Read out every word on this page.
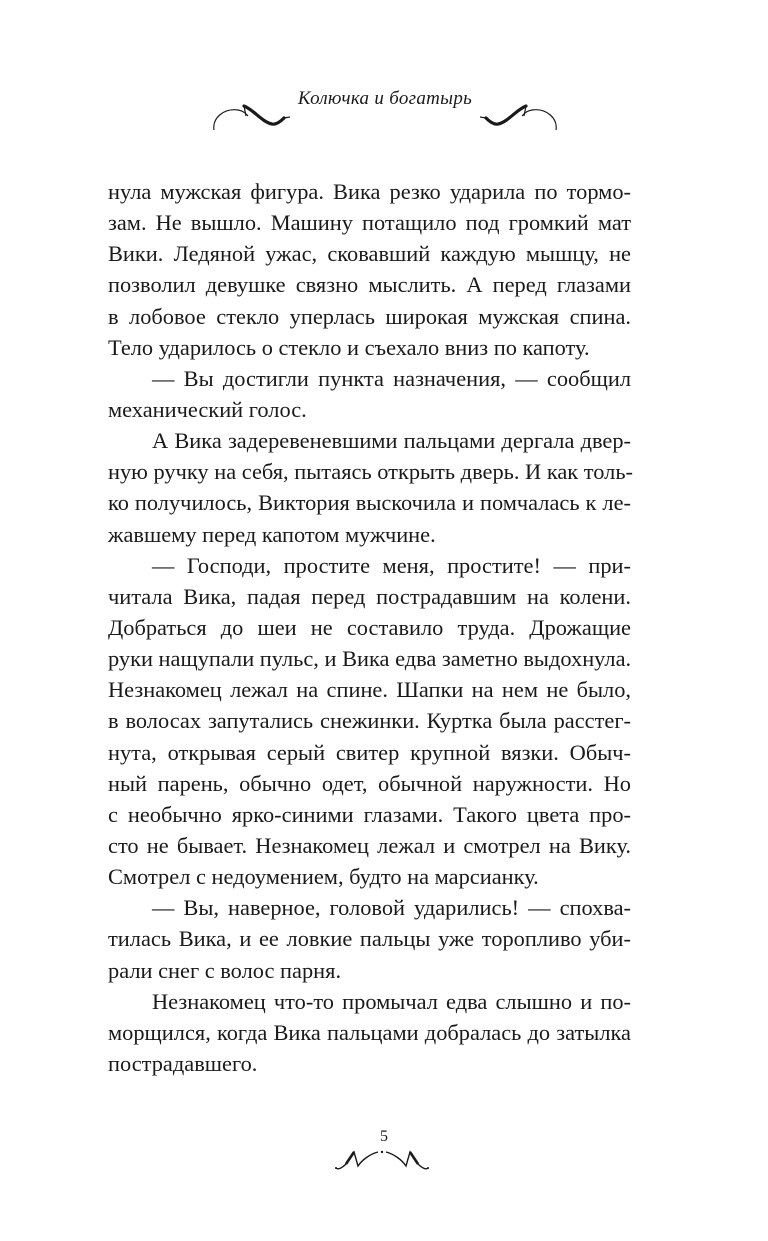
Колючка и богатырь
нула мужская фигура. Вика резко ударила по тормо-
зам. Не вышло. Машину потащило под громкий мат
Вики. Ледяной ужас, сковавший каждую мышцу, не
позволил девушке связно мыслить. А перед глазами
в лобовое стекло уперлась широкая мужская спина.
Тело ударилось о стекло и съехало вниз по капоту.
— Вы достигли пункта назначения, — сообщил
механический голос.
А Вика задеревеневшими пальцами дергала двер-
ную ручку на себя, пытаясь открыть дверь. И как толь-
ко получилось, Виктория выскочила и помчалась к ле-
жавшему перед капотом мужчине.
— Господи, простите меня, простите! — при-
читала Вика, падая перед пострадавшим на колени.
Добраться до шеи не составило труда. Дрожащие
руки нащупали пульс, и Вика едва заметно выдохнула.
Незнакомец лежал на спине. Шапки на нем не было,
в волосах запутались снежинки. Куртка была расстег-
нута, открывая серый свитер крупной вязки. Обыч-
ный парень, обычно одет, обычной наружности. Но
с необычно ярко-синими глазами. Такого цвета про-
сто не бывает. Незнакомец лежал и смотрел на Вику.
Смотрел с недоумением, будто на марсианку.
— Вы, наверное, головой ударились! — спохва-
тилась Вика, и ее ловкие пальцы уже торопливо уби-
рали снег с волос парня.
Незнакомец что-то промычал едва слышно и по-
морщился, когда Вика пальцами добралась до затылка
пострадавшего.
5
